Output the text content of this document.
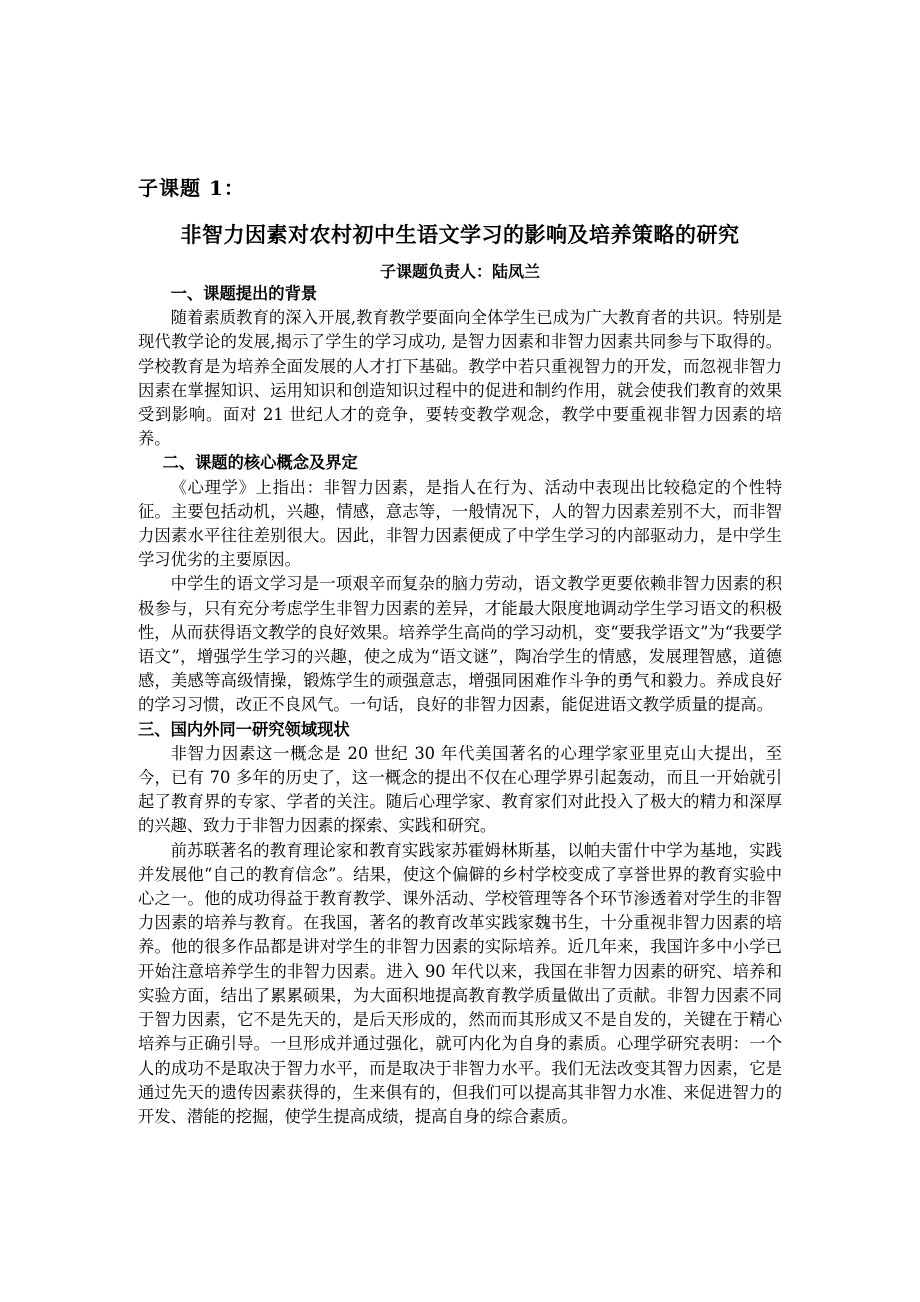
子课题 1：
非智力因素对农村初中生语文学习的影响及培养策略的研究
子课题负责人：陆凤兰
一、课题提出的背景

随着素质教育的深入开展,教育教学要面向全体学生已成为广大教育者的共识。特别是现代教学论的发展,揭示了学生的学习成功, 是智力因素和非智力因素共同参与下取得的。学校教育是为培养全面发展的人才打下基础。教学中若只重视智力的开发，而忽视非智力因素在掌握知识、运用知识和创造知识过程中的促进和制约作用，就会使我们教育的效果受到影响。面对 21 世纪人才的竞争，要转变教学观念，教学中要重视非智力因素的培养。

二、课题的核心概念及界定

《心理学》上指出：非智力因素，是指人在行为、活动中表现出比较稳定的个性特征。主要包括动机，兴趣，情感，意志等，一般情况下，人的智力因素差别不大，而非智力因素水平往往差别很大。因此，非智力因素便成了中学生学习的内部驱动力，是中学生学习优劣的主要原因。

中学生的语文学习是一项艰辛而复杂的脑力劳动，语文教学更要依赖非智力因素的积极参与，只有充分考虑学生非智力因素的差异，才能最大限度地调动学生学习语文的积极性，从而获得语文教学的良好效果。培养学生高尚的学习动机，变“要我学语文”为“我要学语文”，增强学生学习的兴趣，使之成为“语文谜”，陶冶学生的情感，发展理智感，道德感，美感等高级情操，锻炼学生的顽强意志，增强同困难作斗争的勇气和毅力。养成良好的学习习惯，改正不良风气。一句话，良好的非智力因素，能促进语文教学质量的提高。

三、国内外同一研究领域现状

非智力因素这一概念是 20 世纪 30 年代美国著名的心理学家亚里克山大提出，至今，已有 70 多年的历史了，这一概念的提出不仅在心理学界引起轰动，而且一开始就引起了教育界的专家、学者的关注。随后心理学家、教育家们对此投入了极大的精力和深厚的兴趣、致力于非智力因素的探索、实践和研究。

前苏联著名的教育理论家和教育实践家苏霍姆林斯基，以帕夫雷什中学为基地，实践并发展他“自己的教育信念”。结果，使这个偏僻的乡村学校变成了享誉世界的教育实验中心之一。他的成功得益于教育教学、课外活动、学校管理等各个环节渗透着对学生的非智力因素的培养与教育。在我国，著名的教育改革实践家魏书生，十分重视非智力因素的培养。他的很多作品都是讲对学生的非智力因素的实际培养。近几年来，我国许多中小学已开始注意培养学生的非智力因素。进入 90 年代以来，我国在非智力因素的研究、培养和实验方面，结出了累累硕果，为大面积地提高教育教学质量做出了贡献。非智力因素不同于智力因素，它不是先天的，是后天形成的，然而而其形成又不是自发的，关键在于精心培养与正确引导。一旦形成并通过强化，就可内化为自身的素质。心理学研究表明：一个人的成功不是取决于智力水平，而是取决于非智力水平。我们无法改变其智力因素，它是通过先天的遗传因素获得的，生来俱有的，但我们可以提高其非智力水准、来促进智力的开发、潜能的挖掘，使学生提高成绩，提高自身的综合素质。
